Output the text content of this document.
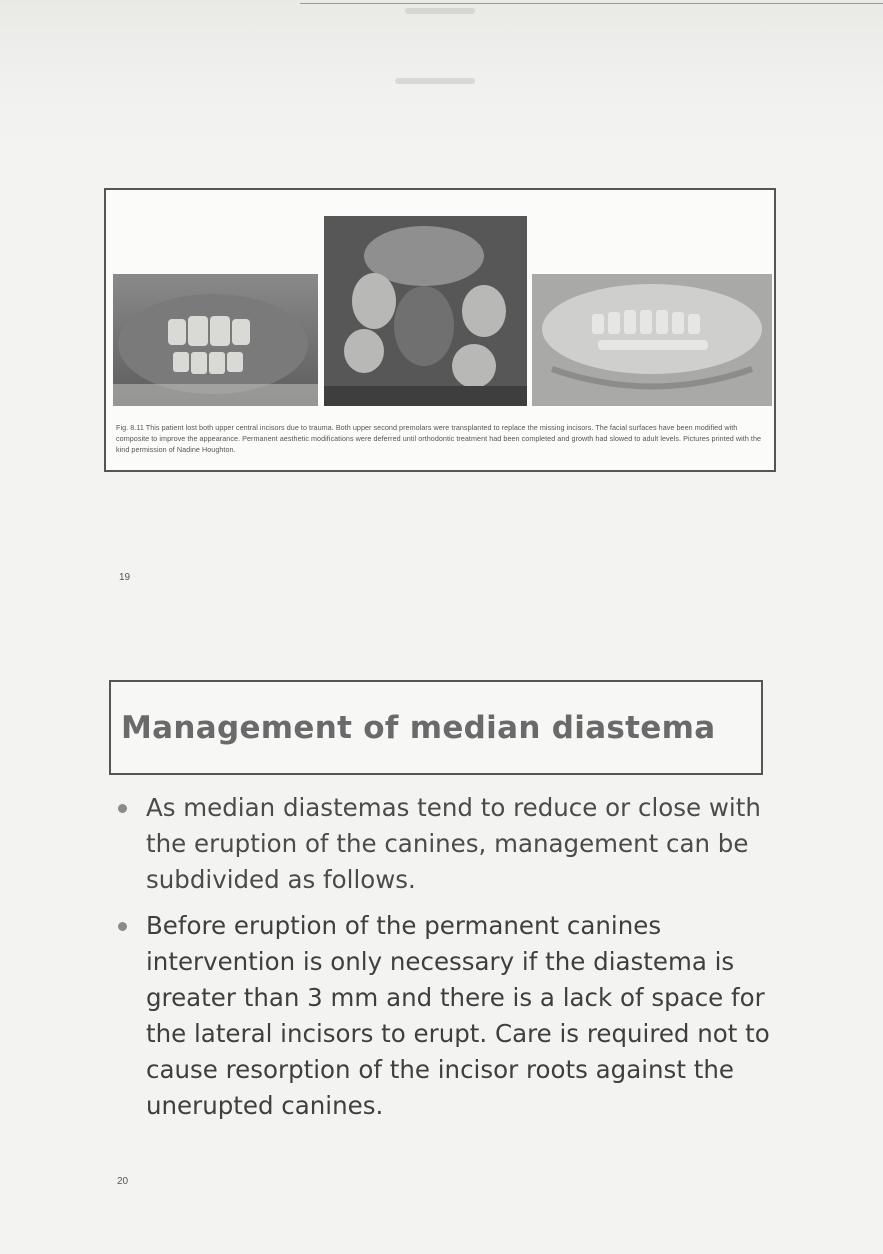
Fig. 8.11 This patient lost both upper central incisors due to trauma. Both upper second premolars were transplanted to replace the missing incisors. The facial surfaces have been modified with composite to improve the appearance. Permanent aesthetic modifications were deferred until orthodontic treatment had been completed and growth had slowed to adult levels. Pictures printed with the kind permission of Nadine Houghton.
19
Management of median diastema
As median diastemas tend to reduce or close with the eruption of the canines, management can be subdivided as follows.
Before eruption of the permanent canines intervention is only necessary if the diastema is greater than 3 mm and there is a lack of space for the lateral incisors to erupt. Care is required not to cause resorption of the incisor roots against the unerupted canines.
20
